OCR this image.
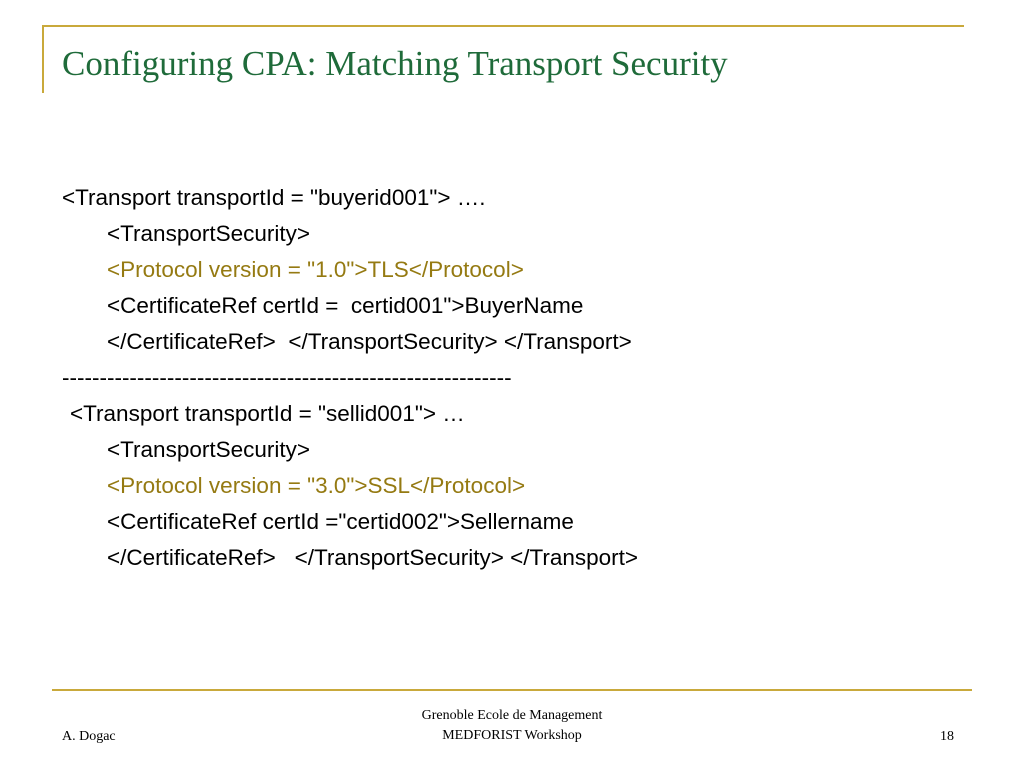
Configuring CPA: Matching Transport Security
<Transport transportId = "buyerid001"> ….
<TransportSecurity>
<Protocol version = "1.0">TLS</Protocol>
<CertificateRef certId =  certid001">BuyerName
</CertificateRef>  </TransportSecurity> </Transport>
------------------------------------------------------------
<Transport transportId = "sellid001"> …
<TransportSecurity>
<Protocol version = "3.0">SSL</Protocol>
<CertificateRef certId ="certid002">Sellername
</CertificateRef>   </TransportSecurity> </Transport>
A. Dogac
Grenoble Ecole de Management
MEDFORIST Workshop	18
